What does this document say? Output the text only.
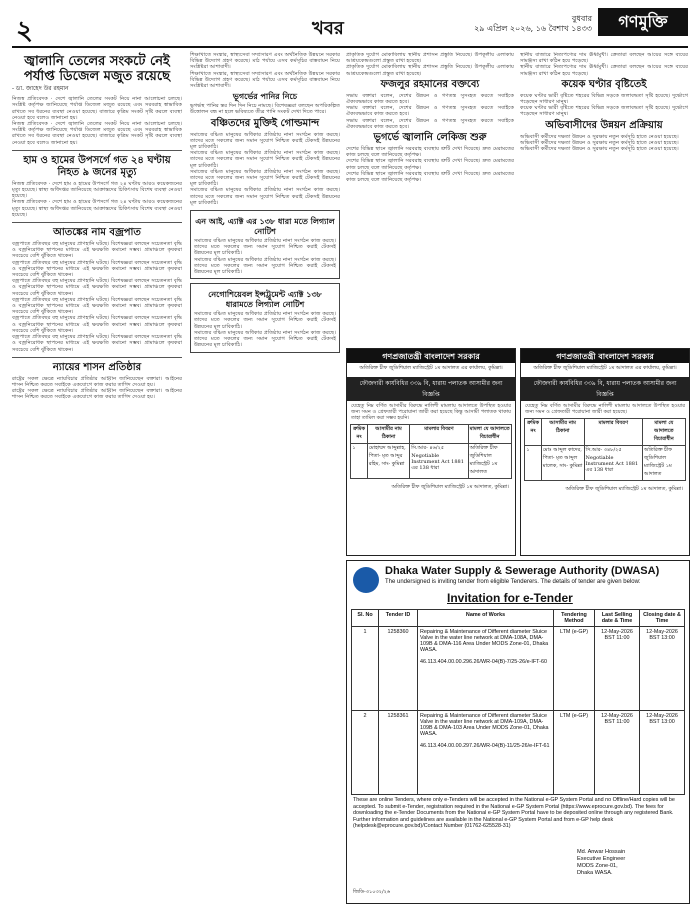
২	খবর	বুধবার
২৯ এপ্রিল ২০২৬, ১৬ বৈশাখ ১৪৩৩	গণমুক্তি
জ্বালানি তেলের সংকটে নেই পর্যাপ্ত ডিজেল মজুত রয়েছে
- ডা. জাহেদ উর রহমান
নিজস্ব প্রতিবেদক · দেশে জ্বালানি তেলের সংকট নিয়ে নানা আলোচনা চলছে। সংশ্লিষ্ট কর্তৃপক্ষ জানিয়েছে পর্যাপ্ত ডিজেল মজুত রয়েছে এবং সরবরাহ স্বাভাবিক রাখতে সব ধরনের ব্যবস্থা নেওয়া হয়েছে। বাজারে কৃত্রিম সংকট সৃষ্টি করলে ব্যবস্থা নেওয়া হবে বলেও জানানো হয়।
নিজস্ব প্রতিবেদক · দেশে জ্বালানি তেলের সংকট নিয়ে নানা আলোচনা চলছে। সংশ্লিষ্ট কর্তৃপক্ষ জানিয়েছে পর্যাপ্ত ডিজেল মজুত রয়েছে এবং সরবরাহ স্বাভাবিক রাখতে সব ধরনের ব্যবস্থা নেওয়া হয়েছে। বাজারে কৃত্রিম সংকট সৃষ্টি করলে ব্যবস্থা নেওয়া হবে বলেও জানানো হয়।
হাম ও হামের উপসর্গে গত ২৪ ঘণ্টায় নিহত ৯ জনের মৃত্যু
নিজস্ব প্রতিবেদক · দেশে হাম ও হামের উপসর্গে গত ২৪ ঘণ্টায় আরও কয়েকজনের মৃত্যু হয়েছে। স্বাস্থ্য অধিদপ্তর জানিয়েছে আক্রান্তদের চিকিৎসায় বিশেষ ব্যবস্থা নেওয়া হয়েছে।
নিজস্ব প্রতিবেদক · দেশে হাম ও হামের উপসর্গে গত ২৪ ঘণ্টায় আরও কয়েকজনের মৃত্যু হয়েছে। স্বাস্থ্য অধিদপ্তর জানিয়েছে আক্রান্তদের চিকিৎসায় বিশেষ ব্যবস্থা নেওয়া হয়েছে।
আতঙ্কের নাম বজ্রপাত
বজ্রপাতে প্রতিবছর বহু মানুষের প্রাণহানি ঘটছে। বিশেষজ্ঞরা বলছেন সচেতনতা বৃদ্ধি ও বজ্রনিরোধক স্থাপনের মাধ্যমে এই ক্ষয়ক্ষতি কমানো সম্ভব। গ্রামাঞ্চলে কৃষকরা সবচেয়ে বেশি ঝুঁকিতে থাকেন।
বজ্রপাতে প্রতিবছর বহু মানুষের প্রাণহানি ঘটছে। বিশেষজ্ঞরা বলছেন সচেতনতা বৃদ্ধি ও বজ্রনিরোধক স্থাপনের মাধ্যমে এই ক্ষয়ক্ষতি কমানো সম্ভব। গ্রামাঞ্চলে কৃষকরা সবচেয়ে বেশি ঝুঁকিতে থাকেন।
বজ্রপাতে প্রতিবছর বহু মানুষের প্রাণহানি ঘটছে। বিশেষজ্ঞরা বলছেন সচেতনতা বৃদ্ধি ও বজ্রনিরোধক স্থাপনের মাধ্যমে এই ক্ষয়ক্ষতি কমানো সম্ভব। গ্রামাঞ্চলে কৃষকরা সবচেয়ে বেশি ঝুঁকিতে থাকেন।
বজ্রপাতে প্রতিবছর বহু মানুষের প্রাণহানি ঘটছে। বিশেষজ্ঞরা বলছেন সচেতনতা বৃদ্ধি ও বজ্রনিরোধক স্থাপনের মাধ্যমে এই ক্ষয়ক্ষতি কমানো সম্ভব। গ্রামাঞ্চলে কৃষকরা সবচেয়ে বেশি ঝুঁকিতে থাকেন।
বজ্রপাতে প্রতিবছর বহু মানুষের প্রাণহানি ঘটছে। বিশেষজ্ঞরা বলছেন সচেতনতা বৃদ্ধি ও বজ্রনিরোধক স্থাপনের মাধ্যমে এই ক্ষয়ক্ষতি কমানো সম্ভব। গ্রামাঞ্চলে কৃষকরা সবচেয়ে বেশি ঝুঁকিতে থাকেন।
বজ্রপাতে প্রতিবছর বহু মানুষের প্রাণহানি ঘটছে। বিশেষজ্ঞরা বলছেন সচেতনতা বৃদ্ধি ও বজ্রনিরোধক স্থাপনের মাধ্যমে এই ক্ষয়ক্ষতি কমানো সম্ভব। গ্রামাঞ্চলে কৃষকরা সবচেয়ে বেশি ঝুঁকিতে থাকেন।
ন্যায়ের শাসন প্রতিষ্ঠার
রাষ্ট্রের সকল ক্ষেত্রে ন্যায়বিচার প্রতিষ্ঠার আহ্বান জানিয়েছেন বক্তারা। আইনের শাসন নিশ্চিত করতে সবাইকে একযোগে কাজ করার তাগিদ দেওয়া হয়।
রাষ্ট্রের সকল ক্ষেত্রে ন্যায়বিচার প্রতিষ্ঠার আহ্বান জানিয়েছেন বক্তারা। আইনের শাসন নিশ্চিত করতে সবাইকে একযোগে কাজ করার তাগিদ দেওয়া হয়।
শিক্ষাখাতে সংস্কার, স্বাস্থ্যসেবা সম্প্রসারণ এবং অর্থনৈতিক উন্নয়নে সরকার বিভিন্ন উদ্যোগ গ্রহণ করেছে। মাঠ পর্যায়ে এসব কর্মসূচির বাস্তবায়ন নিয়ে সংশ্লিষ্টরা আশাবাদী।
শিক্ষাখাতে সংস্কার, স্বাস্থ্যসেবা সম্প্রসারণ এবং অর্থনৈতিক উন্নয়নে সরকার বিভিন্ন উদ্যোগ গ্রহণ করেছে। মাঠ পর্যায়ে এসব কর্মসূচির বাস্তবায়ন নিয়ে সংশ্লিষ্টরা আশাবাদী।
ভূগর্ভের পানির নিচে
ভূগর্ভস্থ পানির স্তর দিন দিন নিচে নামছে। বিশেষজ্ঞরা বলছেন অপরিকল্পিত উত্তোলন বন্ধ না হলে ভবিষ্যতে তীব্র পানি সংকট দেখা দিতে পারে।
বঞ্চিতদের মুক্তিই গোল্ডমান্দ
সমাজের বঞ্চিত মানুষের অধিকার প্রতিষ্ঠায় নানা সংগঠন কাজ করছে। তাদের মতে সকলের জন্য সমান সুযোগ নিশ্চিত করাই টেকসই উন্নয়নের মূল চাবিকাঠি।
সমাজের বঞ্চিত মানুষের অধিকার প্রতিষ্ঠায় নানা সংগঠন কাজ করছে। তাদের মতে সকলের জন্য সমান সুযোগ নিশ্চিত করাই টেকসই উন্নয়নের মূল চাবিকাঠি।
সমাজের বঞ্চিত মানুষের অধিকার প্রতিষ্ঠায় নানা সংগঠন কাজ করছে। তাদের মতে সকলের জন্য সমান সুযোগ নিশ্চিত করাই টেকসই উন্নয়নের মূল চাবিকাঠি।
সমাজের বঞ্চিত মানুষের অধিকার প্রতিষ্ঠায় নানা সংগঠন কাজ করছে। তাদের মতে সকলের জন্য সমান সুযোগ নিশ্চিত করাই টেকসই উন্নয়নের মূল চাবিকাঠি।
এন আই, এ্যাক্ট এর ১৩৮ ধারা মতে লিগ্যাল নোটিশ
সমাজের বঞ্চিত মানুষের অধিকার প্রতিষ্ঠায় নানা সংগঠন কাজ করছে। তাদের মতে সকলের জন্য সমান সুযোগ নিশ্চিত করাই টেকসই উন্নয়নের মূল চাবিকাঠি।
সমাজের বঞ্চিত মানুষের অধিকার প্রতিষ্ঠায় নানা সংগঠন কাজ করছে। তাদের মতে সকলের জন্য সমান সুযোগ নিশ্চিত করাই টেকসই উন্নয়নের মূল চাবিকাঠি।
নেগোশিয়েবল ইন্সট্রুমেন্ট এ্যাক্ট ১৩৮ ধারামতে লিগ্যাল নোটিশ
সমাজের বঞ্চিত মানুষের অধিকার প্রতিষ্ঠায় নানা সংগঠন কাজ করছে। তাদের মতে সকলের জন্য সমান সুযোগ নিশ্চিত করাই টেকসই উন্নয়নের মূল চাবিকাঠি।
সমাজের বঞ্চিত মানুষের অধিকার প্রতিষ্ঠায় নানা সংগঠন কাজ করছে। তাদের মতে সকলের জন্য সমান সুযোগ নিশ্চিত করাই টেকসই উন্নয়নের মূল চাবিকাঠি।
প্রাকৃতিক দুর্যোগ মোকাবিলায় স্থানীয় প্রশাসন প্রস্তুতি নিয়েছে। উপকূলীয় এলাকায় আশ্রয়কেন্দ্রগুলো প্রস্তুত রাখা হয়েছে।
প্রাকৃতিক দুর্যোগ মোকাবিলায় স্থানীয় প্রশাসন প্রস্তুতি নিয়েছে। উপকূলীয় এলাকায় আশ্রয়কেন্দ্রগুলো প্রস্তুত রাখা হয়েছে।
ফজলুর রহমানের বক্তব্যে
সভায় বক্তারা বলেন, দেশের উন্নয়ন ও গণতন্ত্র সুসংহত করতে সবাইকে ঐক্যবদ্ধভাবে কাজ করতে হবে।
সভায় বক্তারা বলেন, দেশের উন্নয়ন ও গণতন্ত্র সুসংহত করতে সবাইকে ঐক্যবদ্ধভাবে কাজ করতে হবে।
সভায় বক্তারা বলেন, দেশের উন্নয়ন ও গণতন্ত্র সুসংহত করতে সবাইকে ঐক্যবদ্ধভাবে কাজ করতে হবে।
ভূগর্ভে জ্বালানি লেকিজ শুরু
দেশের বিভিন্ন স্থানে জ্বালানি সরবরাহ ব্যবস্থায় ত্রুটি দেখা দিয়েছে। দ্রুত মেরামতের কাজ চলছে বলে জানিয়েছে কর্তৃপক্ষ।
দেশের বিভিন্ন স্থানে জ্বালানি সরবরাহ ব্যবস্থায় ত্রুটি দেখা দিয়েছে। দ্রুত মেরামতের কাজ চলছে বলে জানিয়েছে কর্তৃপক্ষ।
দেশের বিভিন্ন স্থানে জ্বালানি সরবরাহ ব্যবস্থায় ত্রুটি দেখা দিয়েছে। দ্রুত মেরামতের কাজ চলছে বলে জানিয়েছে কর্তৃপক্ষ।
স্থানীয় বাজারে নিত্যপণ্যের দাম ঊর্ধ্বমুখী। ক্রেতারা বলছেন আয়ের সঙ্গে ব্যয়ের সামঞ্জস্য রাখা কঠিন হয়ে পড়েছে।
স্থানীয় বাজারে নিত্যপণ্যের দাম ঊর্ধ্বমুখী। ক্রেতারা বলছেন আয়ের সঙ্গে ব্যয়ের সামঞ্জস্য রাখা কঠিন হয়ে পড়েছে।
কয়েক ঘণ্টার বৃষ্টিতেই
কয়েক ঘণ্টার ভারী বৃষ্টিতে শহরের বিভিন্ন সড়কে জলাবদ্ধতা সৃষ্টি হয়েছে। দুর্ভোগে পড়েছেন সাধারণ মানুষ।
কয়েক ঘণ্টার ভারী বৃষ্টিতে শহরের বিভিন্ন সড়কে জলাবদ্ধতা সৃষ্টি হয়েছে। দুর্ভোগে পড়েছেন সাধারণ মানুষ।
অভিবাসীদের উন্নয়ন প্রক্রিয়ায়
অভিবাসী কর্মীদের দক্ষতা উন্নয়ন ও সুরক্ষায় নতুন কর্মসূচি হাতে নেওয়া হয়েছে।
অভিবাসী কর্মীদের দক্ষতা উন্নয়ন ও সুরক্ষায় নতুন কর্মসূচি হাতে নেওয়া হয়েছে।
অভিবাসী কর্মীদের দক্ষতা উন্নয়ন ও সুরক্ষায় নতুন কর্মসূচি হাতে নেওয়া হয়েছে।
গণপ্রজাতন্ত্রী বাংলাদেশ সরকার
অতিরিক্ত চীফ জুডিশিয়াল ম্যাজিস্ট্রেট ১ম আদালত এর কার্যালয়, কুমিল্লা।
ফৌজদারী কার্যবিধির ৩৩৯ বি, ধারায় পলাতক আসামীর জন্য বিজ্ঞপ্তি
যেহেতু নিম্ন বর্ণিত আসামীর বিরুদ্ধে নালিশী মামলায় আদালতে উপস্থিত হওয়ার জন্য সমন ও গ্রেফতারী পরোয়ানা জারী করা হয়েছে কিন্তু আসামী পলাতক থাকায় তাহা তামিল করা সম্ভব হয়নি।
ক্রমিক নং	আসামীর নাম ঠিকানা	মামলার বিবরণ	মামলা যে আদালতে বিচারাধীন
১	মোহাম্মদ আব্দুল্লাহ, পিতা- মৃত আব্দুর রহিম, সাং- কুমিল্লা	সি.আর- ৪৬/২৫ Negotiable Instrument Act 1881 এর 138 ধারা	অতিরিক্ত চীফ জুডিশিয়াল ম্যাজিস্ট্রেট ১ম আদালত
অতিরিক্ত চীফ জুডিশিয়াল ম্যাজিস্ট্রেট ১ম আদালত, কুমিল্লা।
গণপ্রজাতন্ত্রী বাংলাদেশ সরকার
অতিরিক্ত চীফ জুডিশিয়াল ম্যাজিস্ট্রেট ১ম আদালত এর কার্যালয়, কুমিল্লা।
ফৌজদারী কার্যবিধির ৩৩৯ বি, ধারায় পলাতক আসামীর জন্য বিজ্ঞপ্তি
যেহেতু নিম্ন বর্ণিত আসামীর বিরুদ্ধে নালিশী মামলায় আদালতে উপস্থিত হওয়ার জন্য সমন ও গ্রেফতারী পরোয়ানা জারী করা হয়েছে।
ক্রমিক নং	আসামীর নাম ঠিকানা	মামলার বিবরণ	মামলা যে আদালতে বিচারাধীন
১	মোঃ আব্দুল কাদের, পিতা- মৃত আব্দুল মালেক, সাং- কুমিল্লা	সি.আর- ৩৪৮/২৫ Negotiable Instrument Act 1881 এর 138 ধারা	অতিরিক্ত চীফ জুডিশিয়াল ম্যাজিস্ট্রেট ১ম আদালত
অতিরিক্ত চীফ জুডিশিয়াল ম্যাজিস্ট্রেট ১ম আদালত, কুমিল্লা।
Dhaka Water Supply & Sewerage Authority (DWASA)
The undersigned is inviting tender from eligible Tenderers. The details of tender are given below:
Invitation for e-Tender
Sl. No	Tender ID	Name of Works	Tendering Method	Last Selling date & Time	Closing date & Time
1	1258360	Repairing & Maintenance of Different diameter Sluice Valve in the water line network at DMA-108A, DMA-109B & DMA-116 Area Under MODS Zone-01, Dhaka WASA.

46.113.404.00.00.296.26/WR-04(B)-7/25-26/e-IFT-60	LTM (e-GP)	12-May-2026 BST 11:00	12-May-2026 BST 13:00
2	1258361	Repairing & Maintenance of Different diameter Sluice Valve in the water line network at DMA-109A, DMA-109B & DMA-103 Area Under MODS Zone-01, Dhaka WASA.

46.113.404.00.00.297.26/WR-04(B)-11/25-26/e-IFT-61	LTM (e-GP)	12-May-2026 BST 11:00	12-May-2026 BST 13:00
These are online Tenders, where only e-Tenders will be accepted in the National e-GP System Portal and no Offline/Hard copies will be accepted. To submit e-Tender, registration required in the National e-GP System Portal (https://www.eprocure.gov.bd). The fees for downloading the e-Tender Documents from the National e-GP System Portal have to be deposited online through any registered Bank. Further information and guidelines are available in the National e-GP System Portal and from e-GP help desk (helpdesk@eprocure.gov.bd)/Contact Number (01762-625528-31)
Md. Anwar Hossain
Executive Engineer
MODS Zone-01,
Dhaka WASA.
জিডি-৩১০৩২/২৬
